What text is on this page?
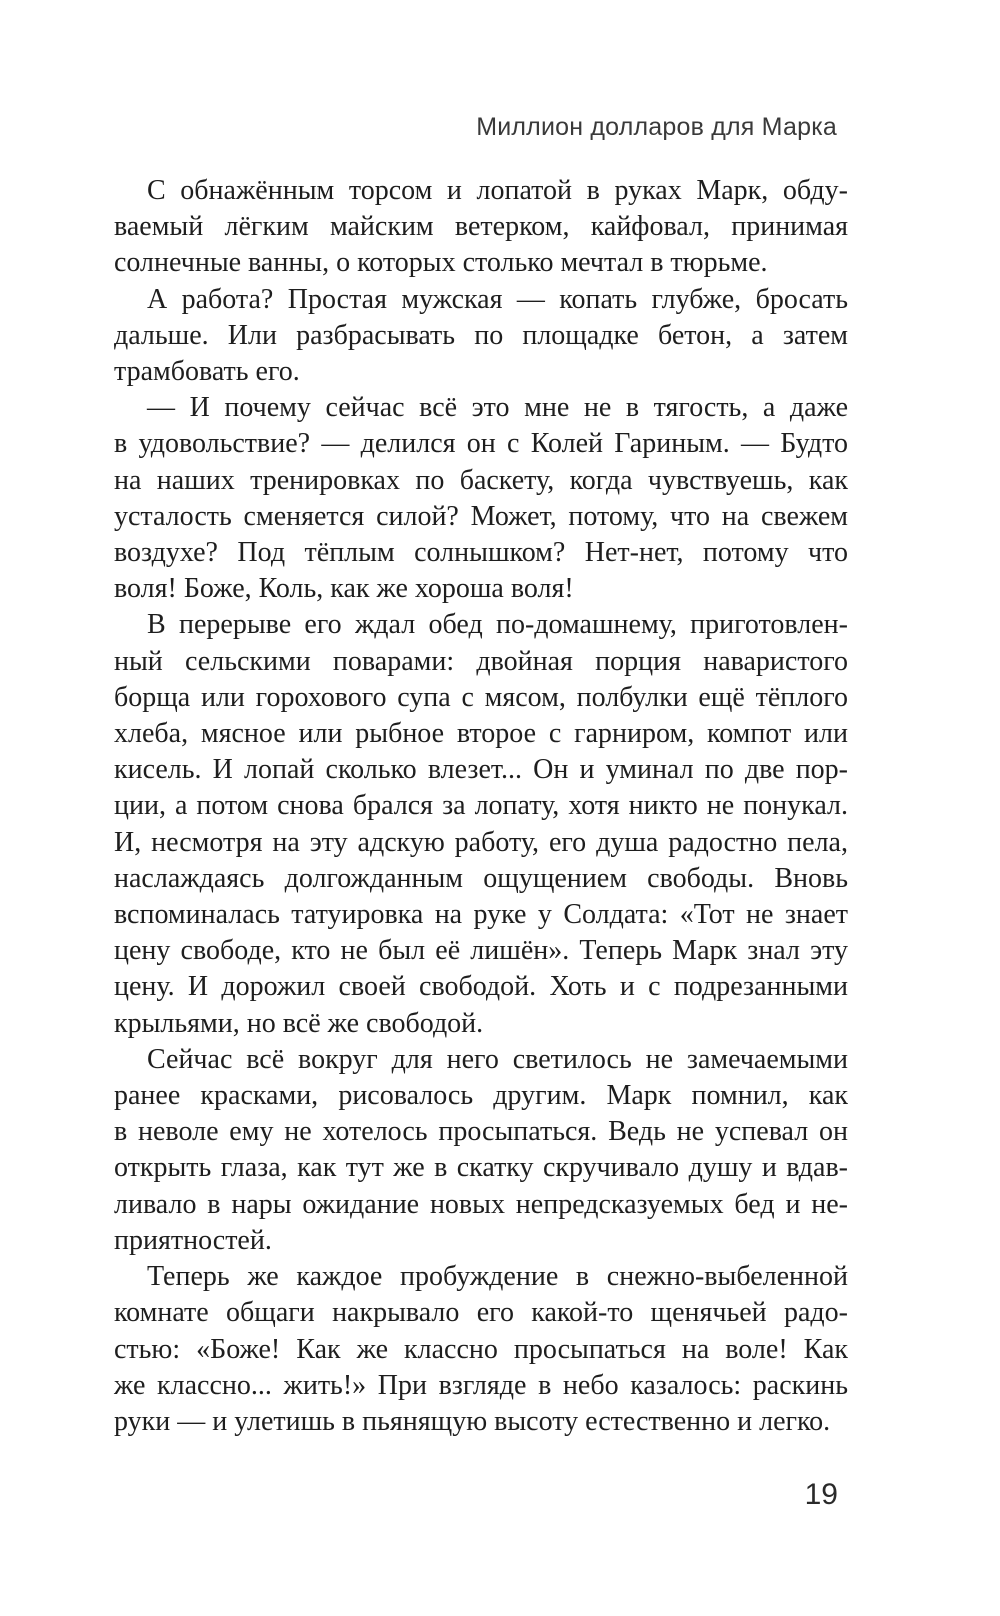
Миллион долларов для Марка
С обнажённым торсом и лопатой в руках Марк, обду-
ваемый лёгким майским ветерком, кайфовал, принимая
солнечные ванны, о которых столько мечтал в тюрьме.
А работа? Простая мужская — копать глубже, бросать
дальше. Или разбрасывать по площадке бетон, а затем
трамбовать его.
— И почему сейчас всё это мне не в тягость, а даже
в удовольствие? — делился он с Колей Гариным. — Будто
на наших тренировках по баскету, когда чувствуешь, как
усталость сменяется силой? Может, потому, что на свежем
воздухе? Под тёплым солнышком? Нет-нет, потому что
воля! Боже, Коль, как же хороша воля!
В перерыве его ждал обед по-домашнему, приготовлен-
ный сельскими поварами: двойная порция наваристого
борща или горохового супа с мясом, полбулки ещё тёплого
хлеба, мясное или рыбное второе с гарниром, компот или
кисель. И лопай сколько влезет... Он и уминал по две пор-
ции, а потом снова брался за лопату, хотя никто не понукал.
И, несмотря на эту адскую работу, его душа радостно пела,
наслаждаясь долгожданным ощущением свободы. Вновь
вспоминалась татуировка на руке у Солдата: «Тот не знает
цену свободе, кто не был её лишён». Теперь Марк знал эту
цену. И дорожил своей свободой. Хоть и с подрезанными
крыльями, но всё же свободой.
Сейчас всё вокруг для него светилось не замечаемыми
ранее красками, рисовалось другим. Марк помнил, как
в неволе ему не хотелось просыпаться. Ведь не успевал он
открыть глаза, как тут же в скатку скручивало душу и вдав-
ливало в нары ожидание новых непредсказуемых бед и не-
приятностей.
Теперь же каждое пробуждение в снежно-выбеленной
комнате общаги накрывало его какой-то щенячьей радо-
стью: «Боже! Как же классно просыпаться на воле! Как
же классно... жить!» При взгляде в небо казалось: раскинь
руки — и улетишь в пьянящую высоту естественно и легко.
19
